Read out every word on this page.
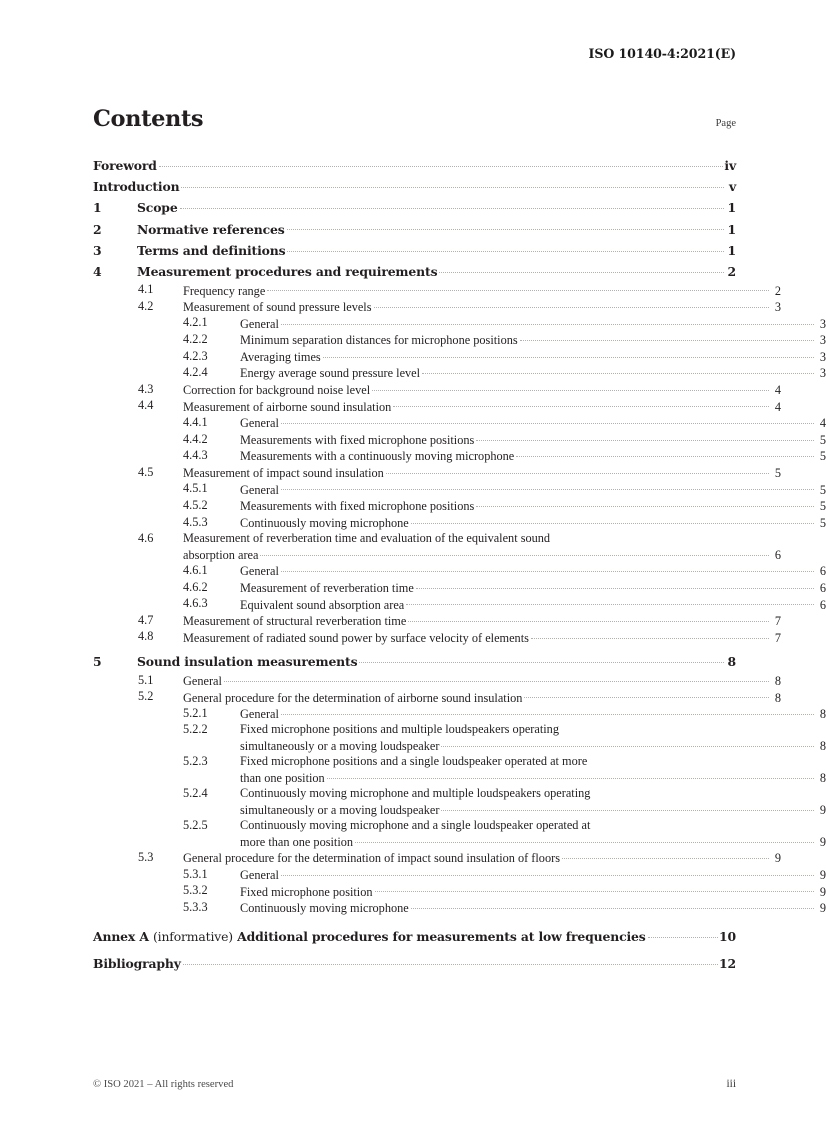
ISO 10140-4:2021(E)
Contents	Page
Foreword	iv
Introduction	v
1	Scope	1
2	Normative references	1
3	Terms and definitions	1
4	Measurement procedures and requirements	2
4.1	Frequency range	2
4.2	Measurement of sound pressure levels	3
4.2.1	General	3
4.2.2	Minimum separation distances for microphone positions	3
4.2.3	Averaging times	3
4.2.4	Energy average sound pressure level	3
4.3	Correction for background noise level	4
4.4	Measurement of airborne sound insulation	4
4.4.1	General	4
4.4.2	Measurements with fixed microphone positions	5
4.4.3	Measurements with a continuously moving microphone	5
4.5	Measurement of impact sound insulation	5
4.5.1	General	5
4.5.2	Measurements with fixed microphone positions	5
4.5.3	Continuously moving microphone	5
4.6	Measurement of reverberation time and evaluation of the equivalent sound

absorption area	6
4.6.1	General	6
4.6.2	Measurement of reverberation time	6
4.6.3	Equivalent sound absorption area	6
4.7	Measurement of structural reverberation time	7
4.8	Measurement of radiated sound power by surface velocity of elements	7
5	Sound insulation measurements	8
5.1	General	8
5.2	General procedure for the determination of airborne sound insulation	8
5.2.1	General	8
5.2.2	Fixed microphone positions and multiple loudspeakers operating

simultaneously or a moving loudspeaker	8
5.2.3	Fixed microphone positions and a single loudspeaker operated at more

than one position	8
5.2.4	Continuously moving microphone and multiple loudspeakers operating

simultaneously or a moving loudspeaker	9
5.2.5	Continuously moving microphone and a single loudspeaker operated at

more than one position	9
5.3	General procedure for the determination of impact sound insulation of floors	9
5.3.1	General	9
5.3.2	Fixed microphone position	9
5.3.3	Continuously moving microphone	9
Annex A (informative) Additional procedures for measurements at low frequencies	10
Bibliography	12
© ISO 2021 – All rights reserved	iii
